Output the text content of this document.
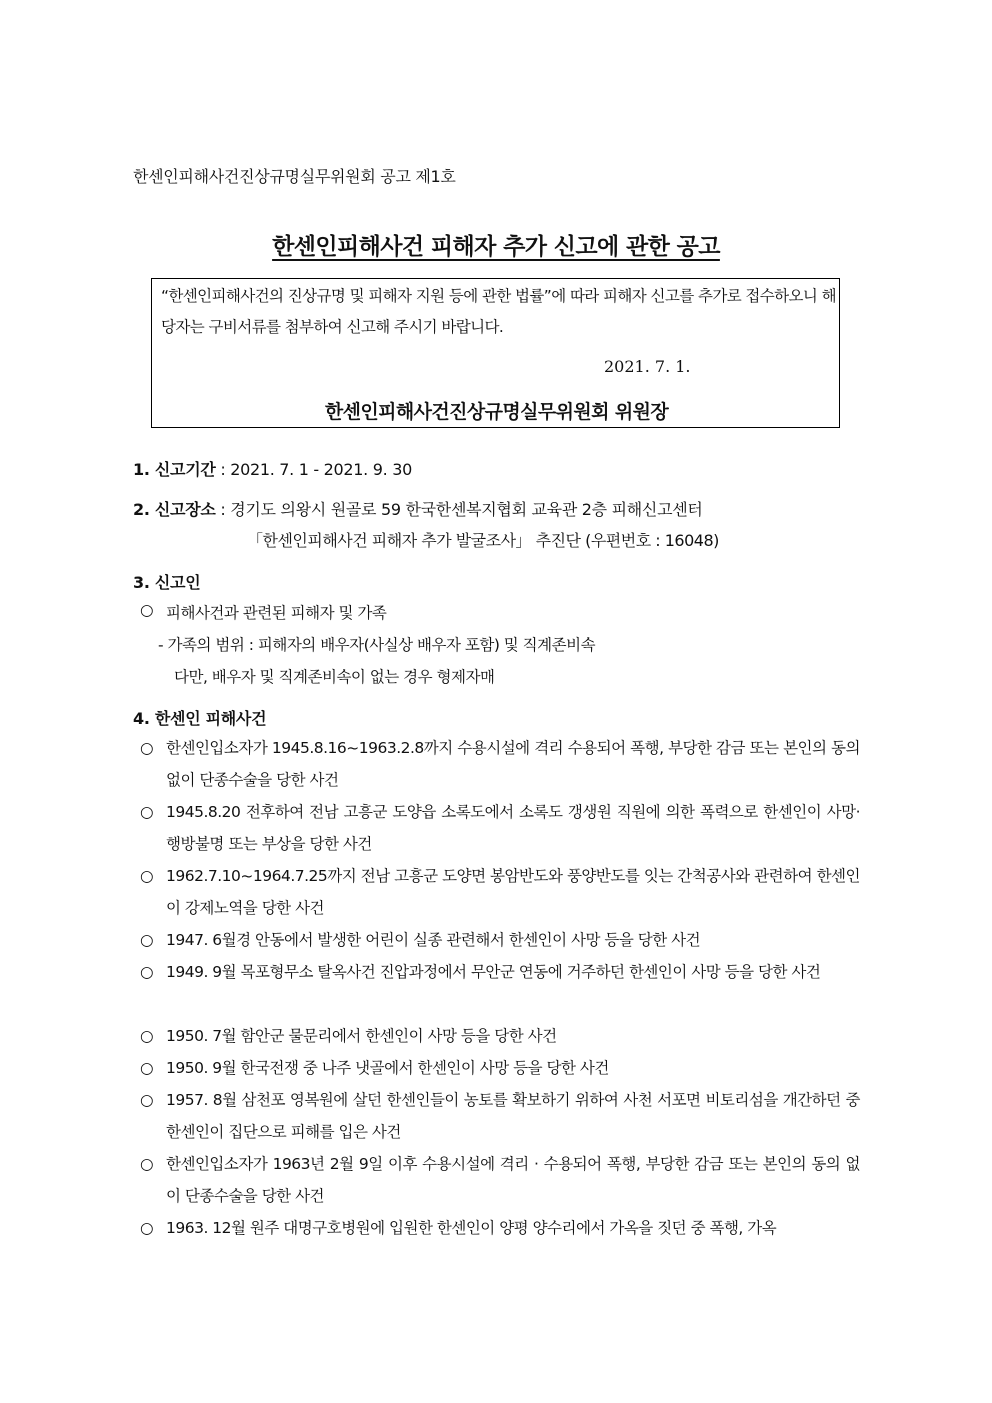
한센인피해사건진상규명실무위원회 공고 제1호
한센인피해사건 피해자 추가 신고에 관한 공고
“한센인피해사건의 진상규명 및 피해자 지원 등에 관한 법률”에 따라 피해자 신고를 추가로 접수하오니 해당자는 구비서류를 첨부하여 신고해 주시기 바랍니다.
2021. 7. 1.
한센인피해사건진상규명실무위원회 위원장
1. 신고기간 : 2021. 7. 1 - 2021. 9. 30
2. 신고장소 : 경기도 의왕시 원골로 59 한국한센복지협회 교육관 2층 피해신고센터
「한센인피해사건 피해자 추가 발굴조사」 추진단 (우편번호 : 16048)
3. 신고인
○ 피해사건과 관련된 피해자 및 가족
- 가족의 범위 : 피해자의 배우자(사실상 배우자 포함) 및 직계존비속
다만, 배우자 및 직계존비속이 없는 경우 형제자매
4. 한센인 피해사건
○ 한센인입소자가 1945.8.16~1963.2.8까지 수용시설에 격리 수용되어 폭행, 부당한 감금 또는 본인의 동의 없이 단종수술을 당한 사건
○ 1945.8.20 전후하여 전남 고흥군 도양읍 소록도에서 소록도 갱생원 직원에 의한 폭력으로 한센인이 사망·행방불명 또는 부상을 당한 사건
○ 1962.7.10~1964.7.25까지 전남 고흥군 도양면 봉암반도와 풍양반도를 잇는 간척공사와 관련하여 한센인이 강제노역을 당한 사건
○ 1947. 6월경 안동에서 발생한 어린이 실종 관련해서 한센인이 사망 등을 당한 사건
○ 1949. 9월 목포형무소 탈옥사건 진압과정에서 무안군 연동에 거주하던 한센인이 사망 등을 당한 사건
○ 1950. 7월 함안군 물문리에서 한센인이 사망 등을 당한 사건
○ 1950. 9월 한국전쟁 중 나주 냇골에서 한센인이 사망 등을 당한 사건
○ 1957. 8월 삼천포 영복원에 살던 한센인들이 농토를 확보하기 위하여 사천 서포면 비토리섬을 개간하던 중 한센인이 집단으로 피해를 입은 사건
○ 한센인입소자가 1963년 2월 9일 이후 수용시설에 격리 · 수용되어 폭행, 부당한 감금 또는 본인의 동의 없이 단종수술을 당한 사건
○ 1963. 12월 원주 대명구호병원에 입원한 한센인이 양평 양수리에서 가옥을 짓던 중 폭행, 가옥
